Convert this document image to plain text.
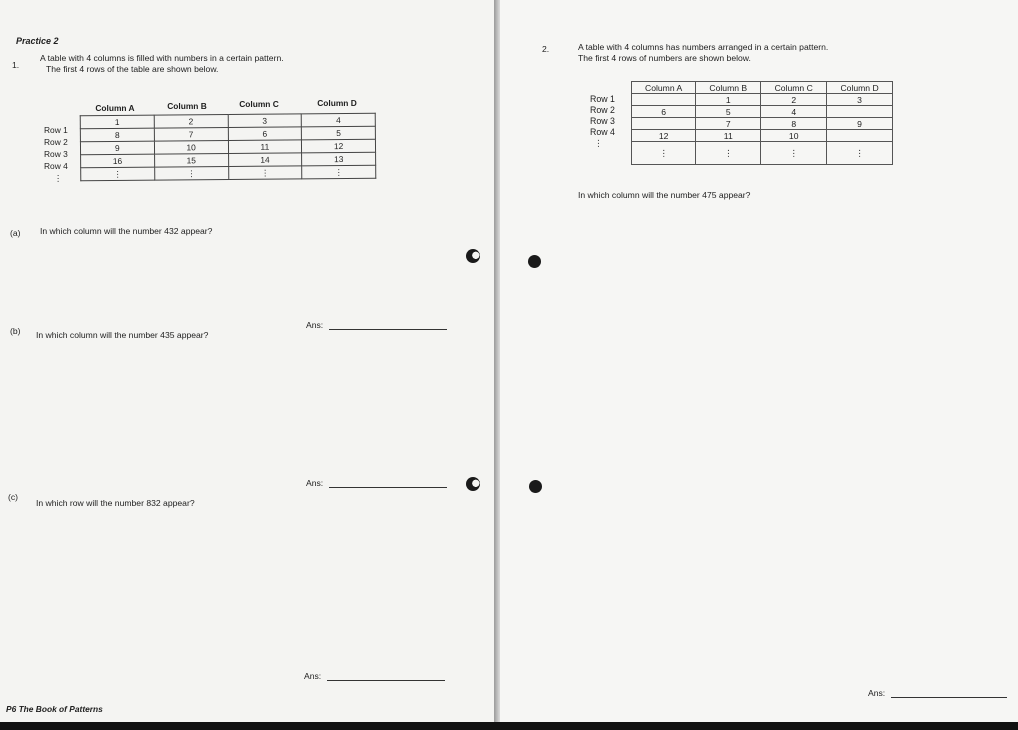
Practice 2
1.
A table with 4 columns is filled with numbers in a certain pattern.
The first 4 rows of the table are shown below.
Column A	Column B	Column C	Column D
Row 1
Row 2
Row 3
Row 4
⋮
1	2	3	4
8	7	6	5
9	10	11	12
16	15	14	13
⋮	⋮	⋮	⋮
(a) In which column will the number 432 appear?
Ans:
(b) In which column will the number 435 appear?
Ans:
(c)
In which row will the number 832 appear?
Ans:
P6 The Book of Patterns
2.	A table with 4 columns has numbers arranged in a certain pattern.
The first 4 rows of numbers are shown below.
Row 1
Row 2
Row 3
Row 4
⋮
Column A	Column B	Column C	Column D
	1	2	3
6	5	4	
	7	8	9
12	11	10	
⋮	⋮	⋮	⋮
In which column will the number 475 appear?
Ans:
